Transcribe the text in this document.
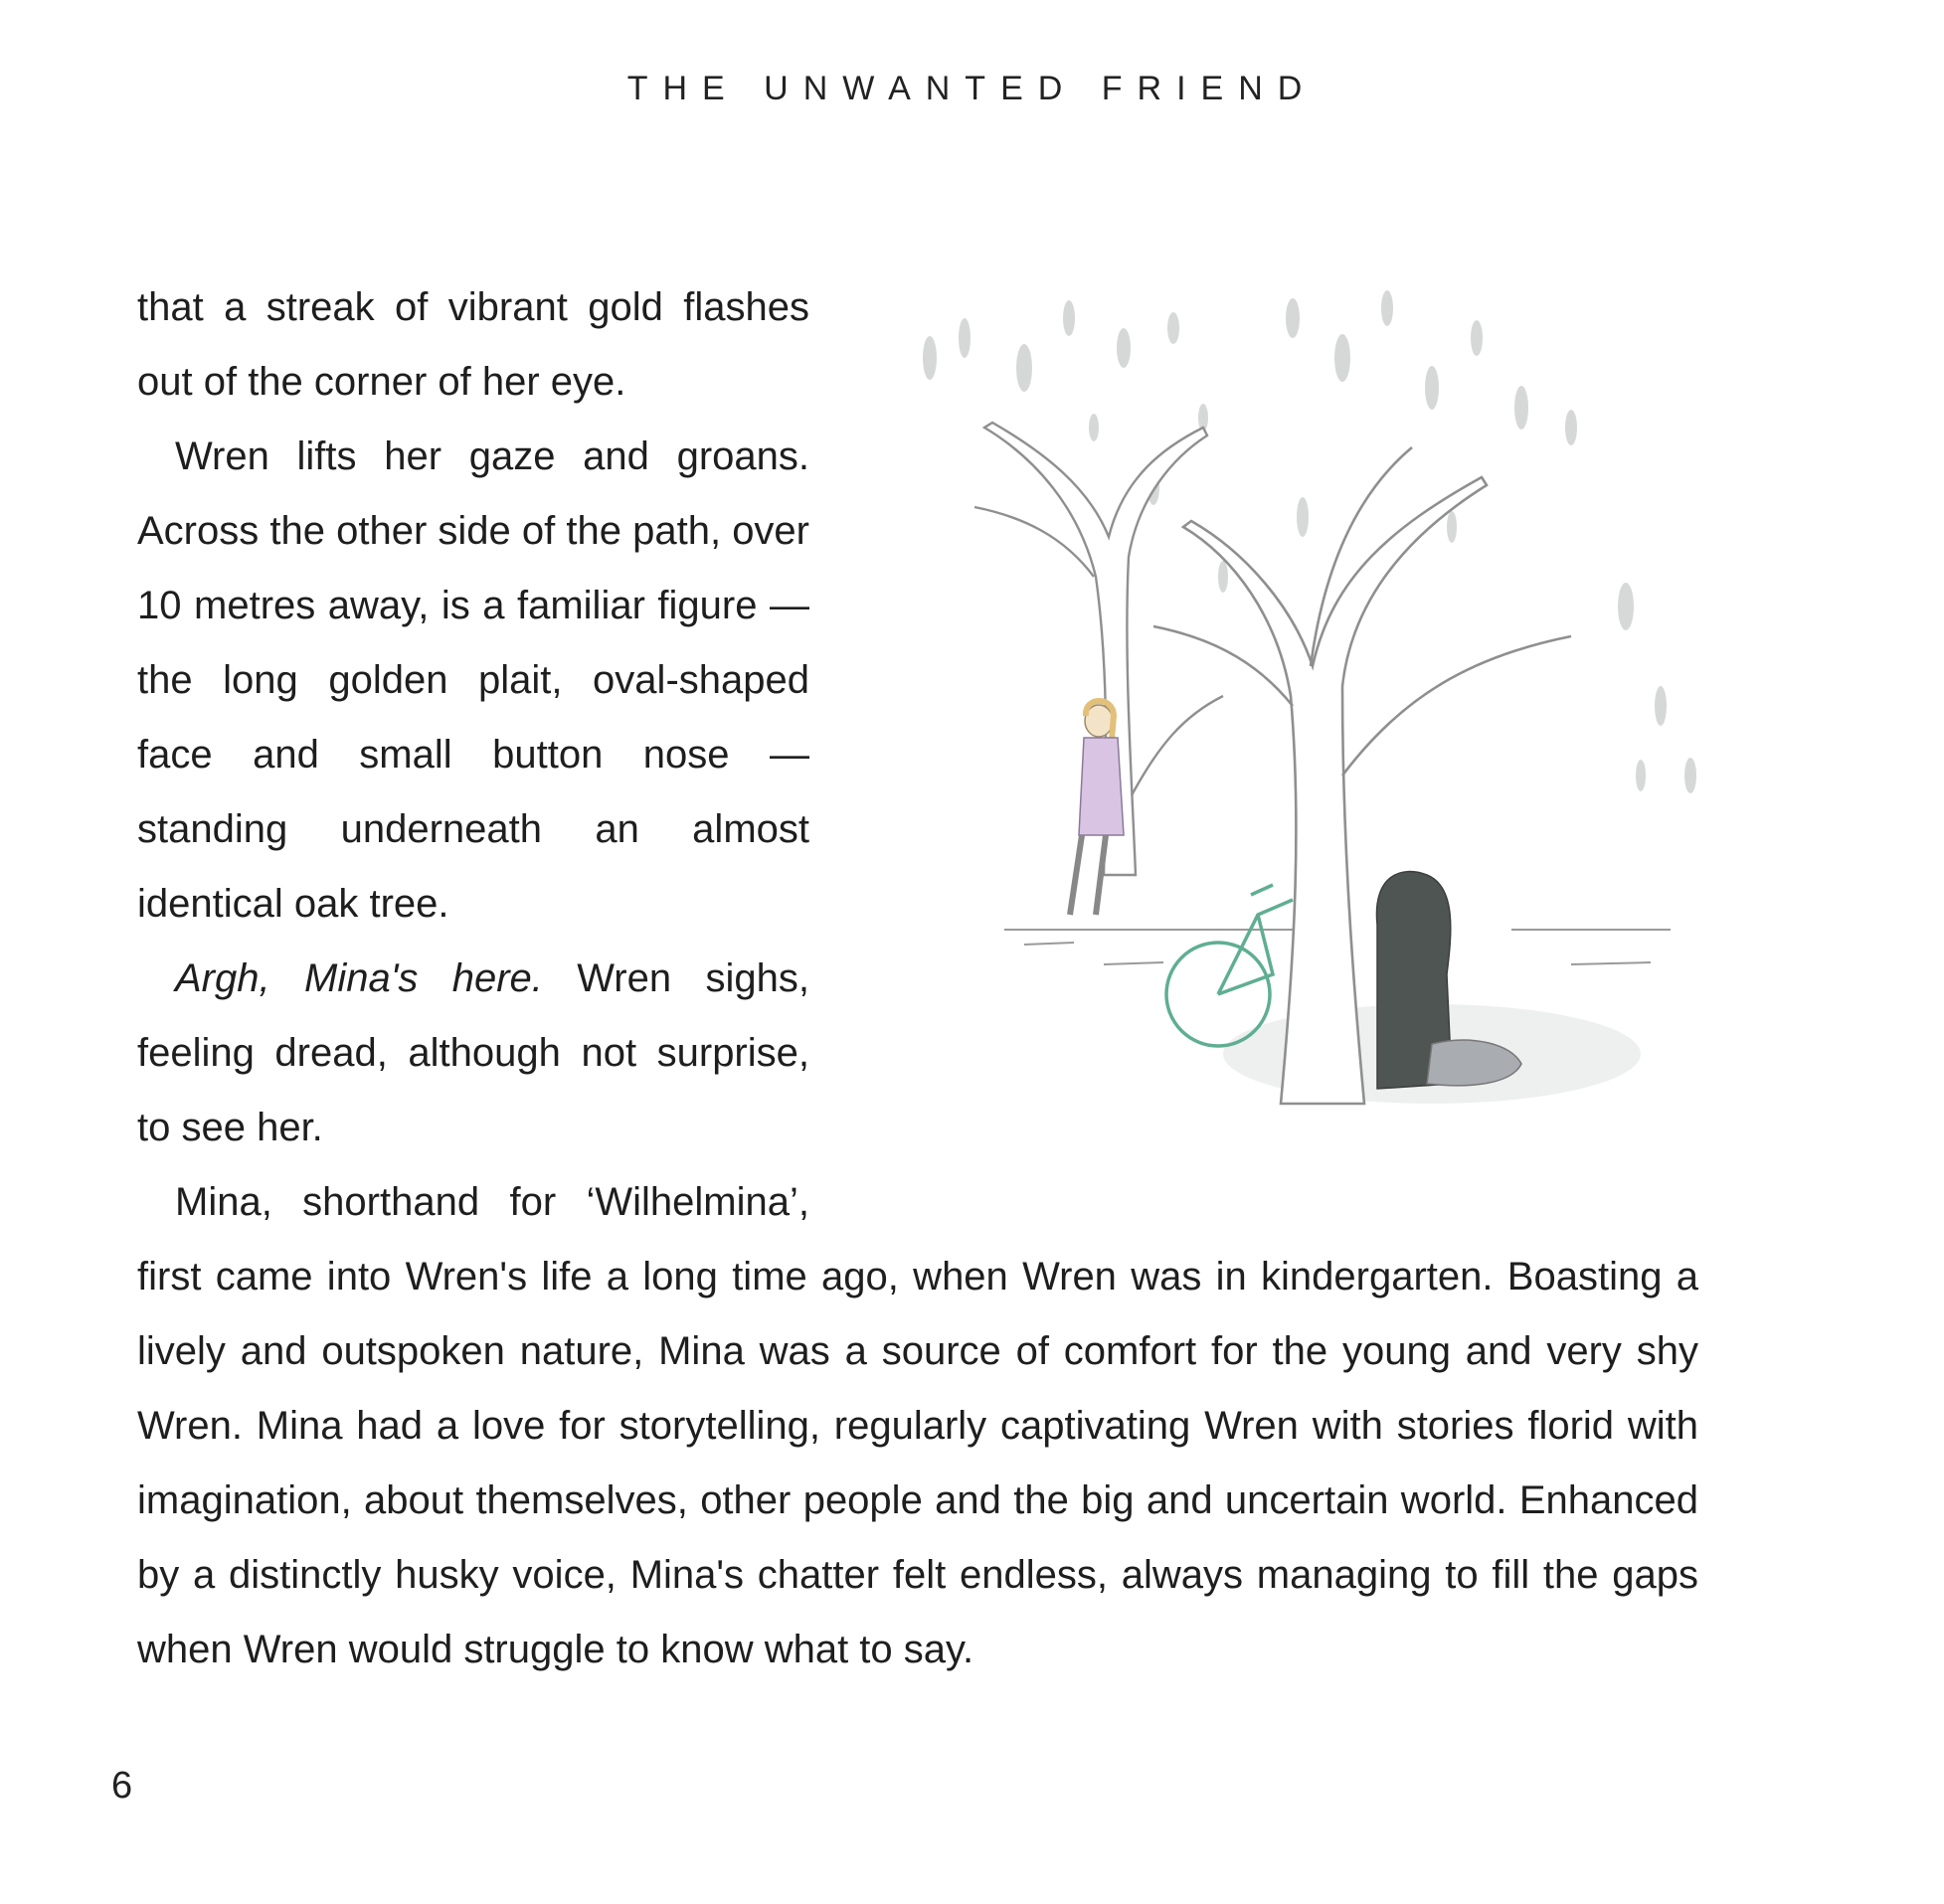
THE UNWANTED FRIEND

that a streak of vibrant gold flashes out of the corner of her eye.

Wren lifts her gaze and groans. Across the other side of the path, over 10 metres away, is a familiar figure — the long golden plait, oval-shaped face and small button nose — standing underneath an almost identical oak tree.

Argh, Mina's here. Wren sighs, feeling dread, although not surprise, to see her.

Mina, shorthand for ‘Wilhelmina’,

first came into Wren's life a long time ago, when Wren was in kindergarten. Boasting a lively and outspoken nature, Mina was a source of comfort for the young and very shy Wren. Mina had a love for storytelling, regularly captivating Wren with stories florid with imagination, about themselves, other people and the big and uncertain world. Enhanced by a distinctly husky voice, Mina's chatter felt endless, always managing to fill the gaps when Wren would struggle to know what to say.

6
